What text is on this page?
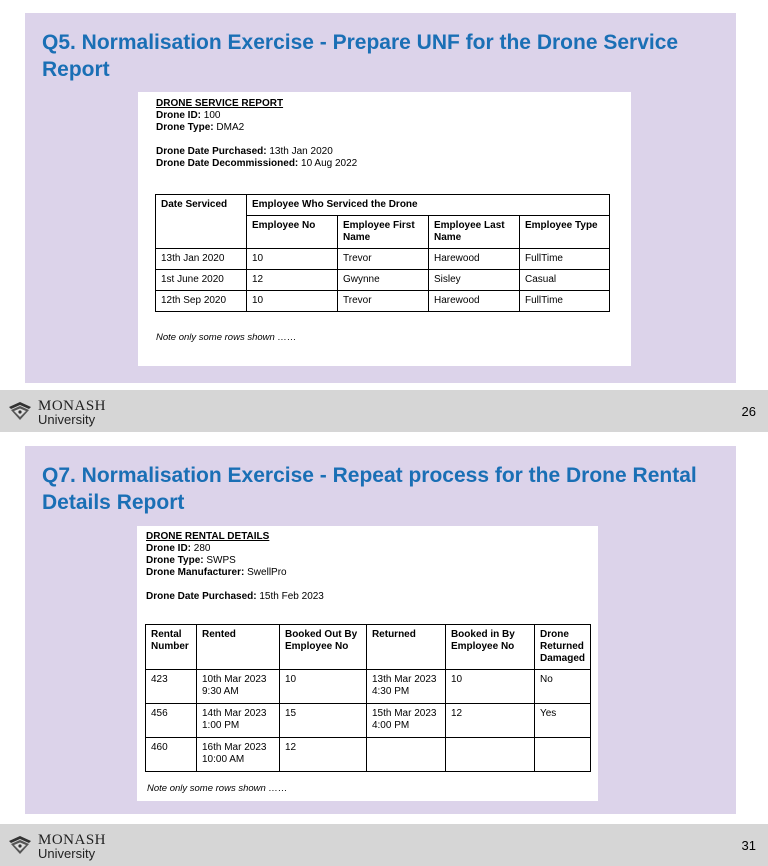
Q5. Normalisation Exercise - Prepare UNF for the Drone Service Report
DRONE SERVICE REPORT
Drone ID: 100
Drone Type: DMA2
Drone Date Purchased: 13th Jan 2020
Drone Date Decommissioned: 10 Aug 2022
Date Serviced	Employee Who Serviced the Drone			
	Employee No	Employee First Name	Employee Last Name	Employee Type
13th Jan 2020	10	Trevor	Harewood	FullTime
1st June 2020	12	Gwynne	Sisley	Casual
12th Sep 2020	10	Trevor	Harewood	FullTime
Note only some rows shown ……
MONASH
University
26
Q7. Normalisation Exercise - Repeat process for the Drone Rental Details Report
DRONE RENTAL DETAILS
Drone ID: 280
Drone Type: SWPS
Drone Manufacturer: SwellPro
Drone Date Purchased: 15th Feb 2023
Rental Number	Rented	Booked Out By Employee No	Returned	Booked in By Employee No	Drone Returned Damaged
423	10th Mar 2023 9:30 AM	10	13th Mar 2023 4:30 PM	10	No
456	14th Mar 2023 1:00 PM	15	15th Mar 2023 4:00 PM	12	Yes
460	16th Mar 2023 10:00 AM	12			
Note only some rows shown ……
MONASH
University
31
